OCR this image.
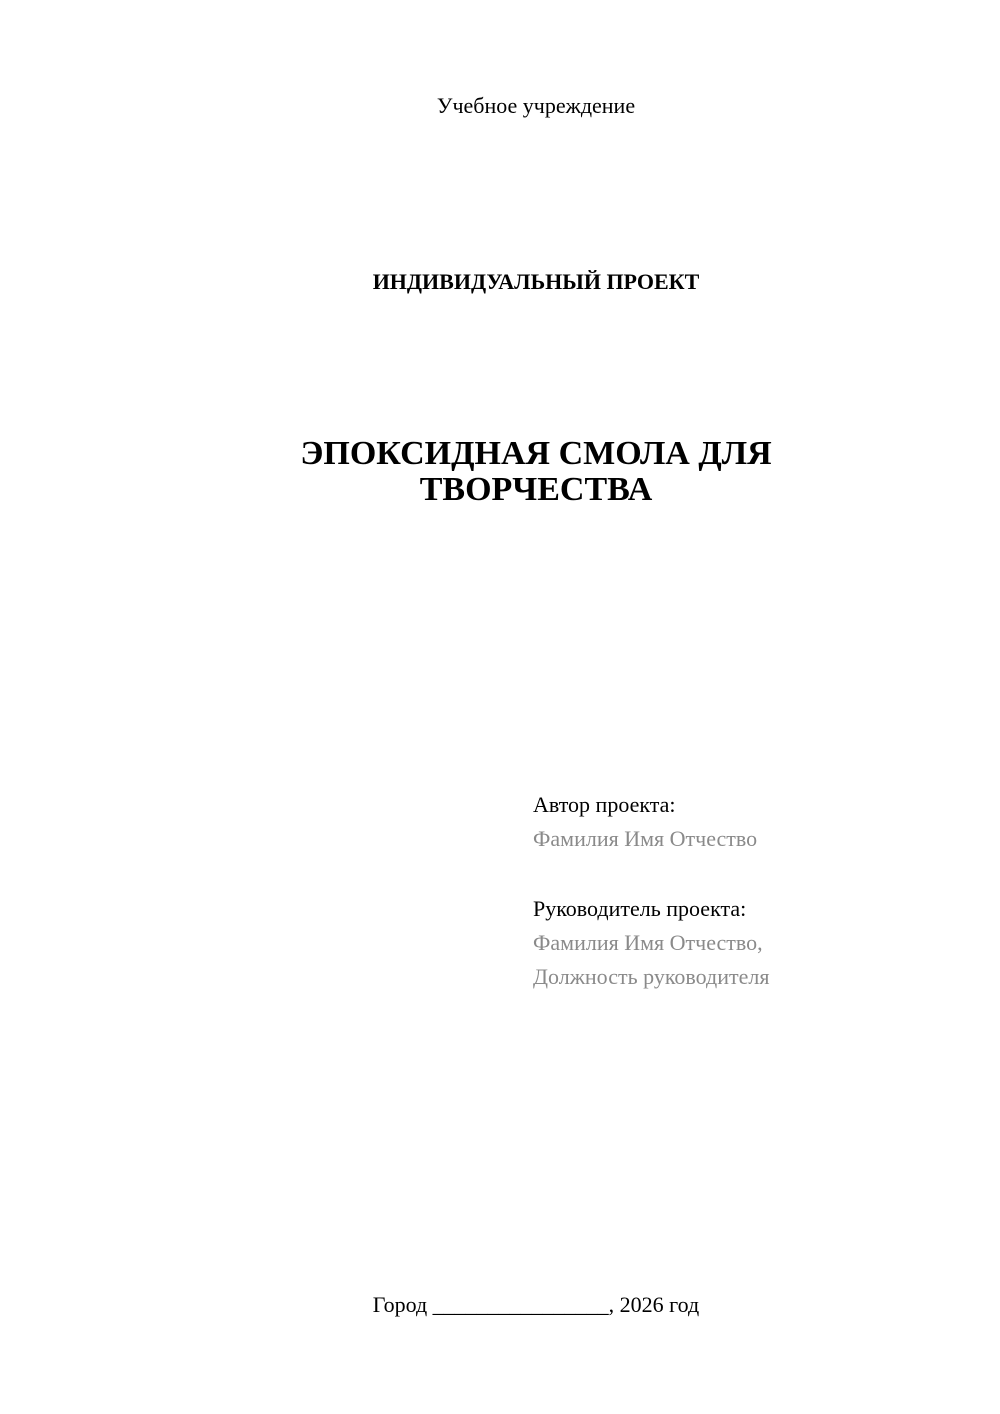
Учебное учреждение
ИНДИВИДУАЛЬНЫЙ ПРОЕКТ
ЭПОКСИДНАЯ СМОЛА ДЛЯ
ТВОРЧЕСТВА
Автор проекта:
Фамилия Имя Отчество
Руководитель проекта:
Фамилия Имя Отчество,
Должность руководителя
Город ________________, 2026 год
